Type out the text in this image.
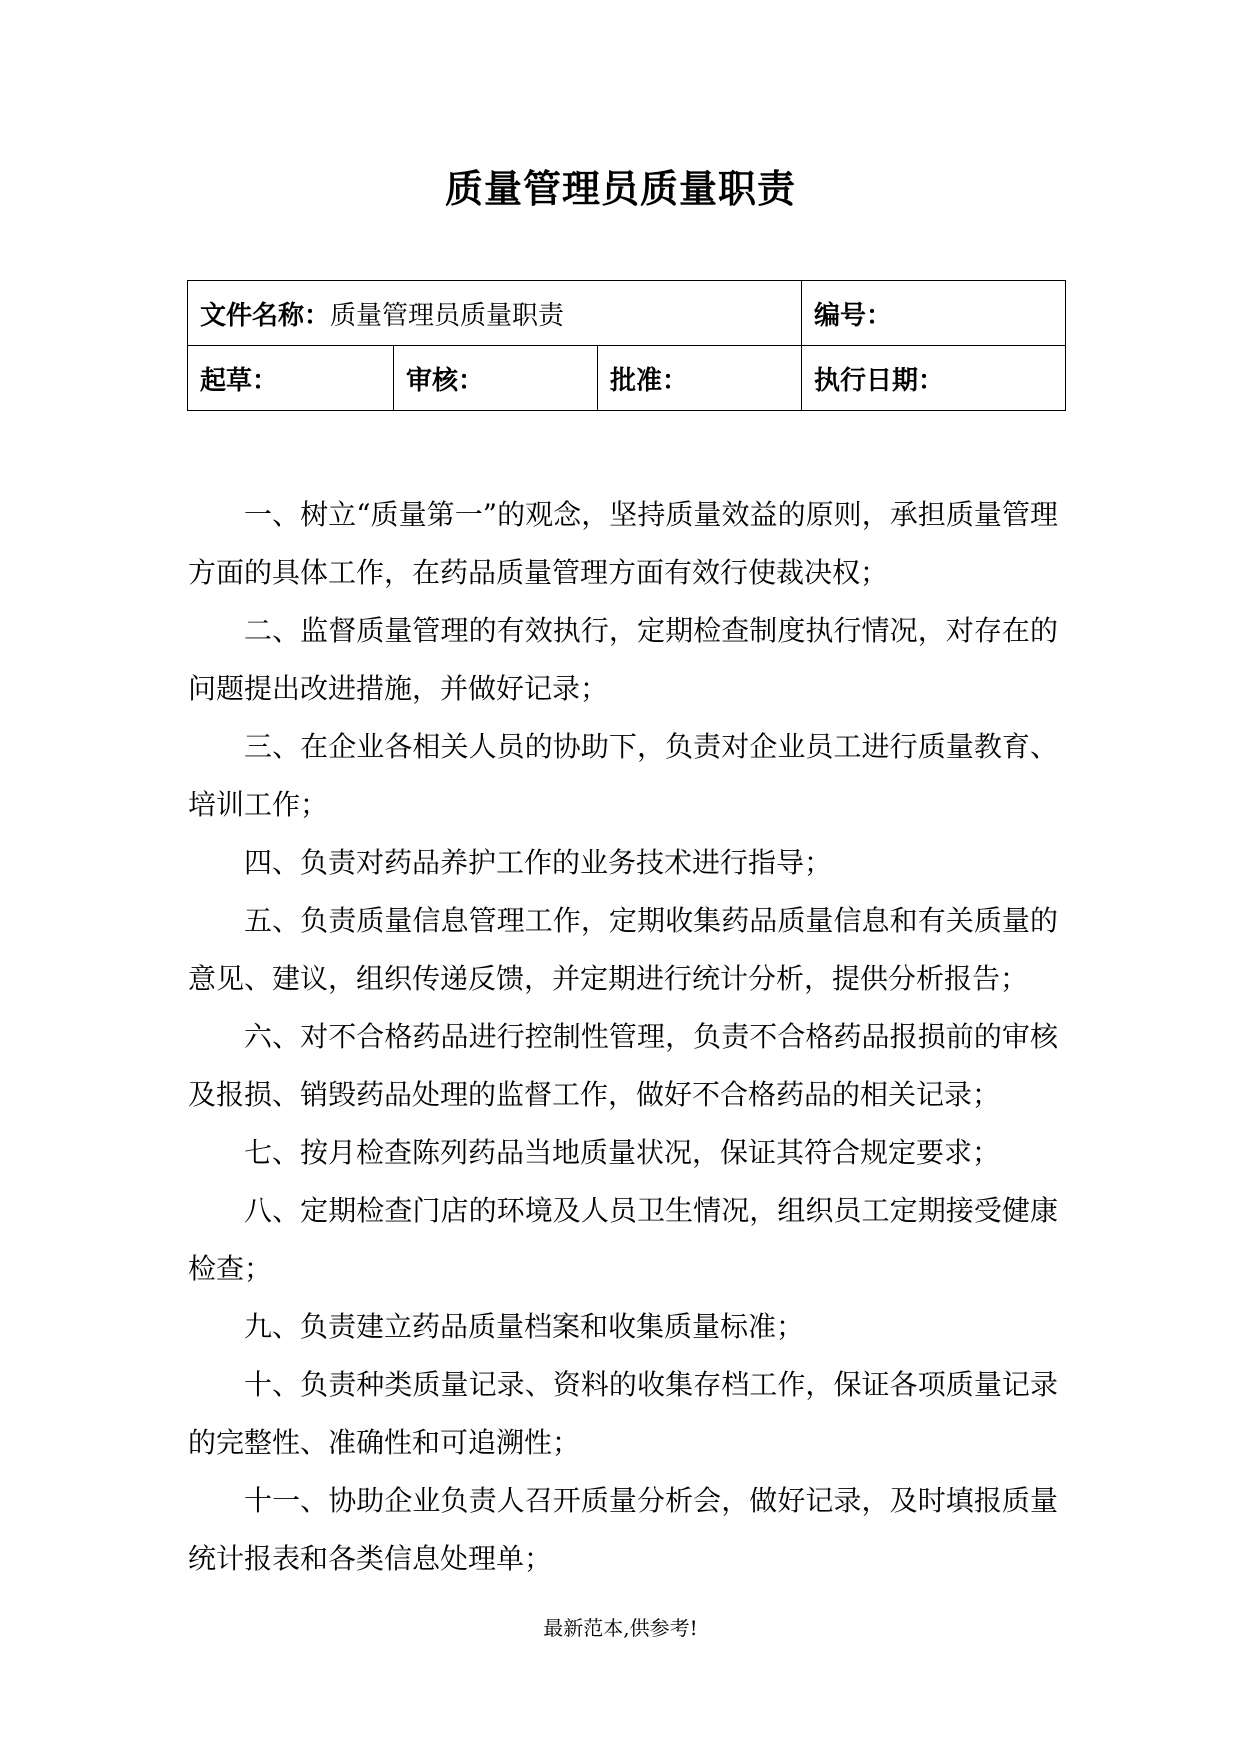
质量管理员质量职责
文件名称：质量管理员质量职责			编号：
起草：	审核：	批准：	执行日期：

一、树立“质量第一”的观念，坚持质量效益的原则，承担质量管理方面的具体工作，在药品质量管理方面有效行使裁决权；

二、监督质量管理的有效执行，定期检查制度执行情况，对存在的问题提出改进措施，并做好记录；

三、在企业各相关人员的协助下，负责对企业员工进行质量教育、培训工作；

四、负责对药品养护工作的业务技术进行指导；

五、负责质量信息管理工作，定期收集药品质量信息和有关质量的意见、建议，组织传递反馈，并定期进行统计分析，提供分析报告；

六、对不合格药品进行控制性管理，负责不合格药品报损前的审核及报损、销毁药品处理的监督工作，做好不合格药品的相关记录；

七、按月检查陈列药品当地质量状况，保证其符合规定要求；

八、定期检查门店的环境及人员卫生情况，组织员工定期接受健康检查；

九、负责建立药品质量档案和收集质量标准；

十、负责种类质量记录、资料的收集存档工作，保证各项质量记录的完整性、准确性和可追溯性；

十一、协助企业负责人召开质量分析会，做好记录，及时填报质量统计报表和各类信息处理单；

最新范本,供参考!
